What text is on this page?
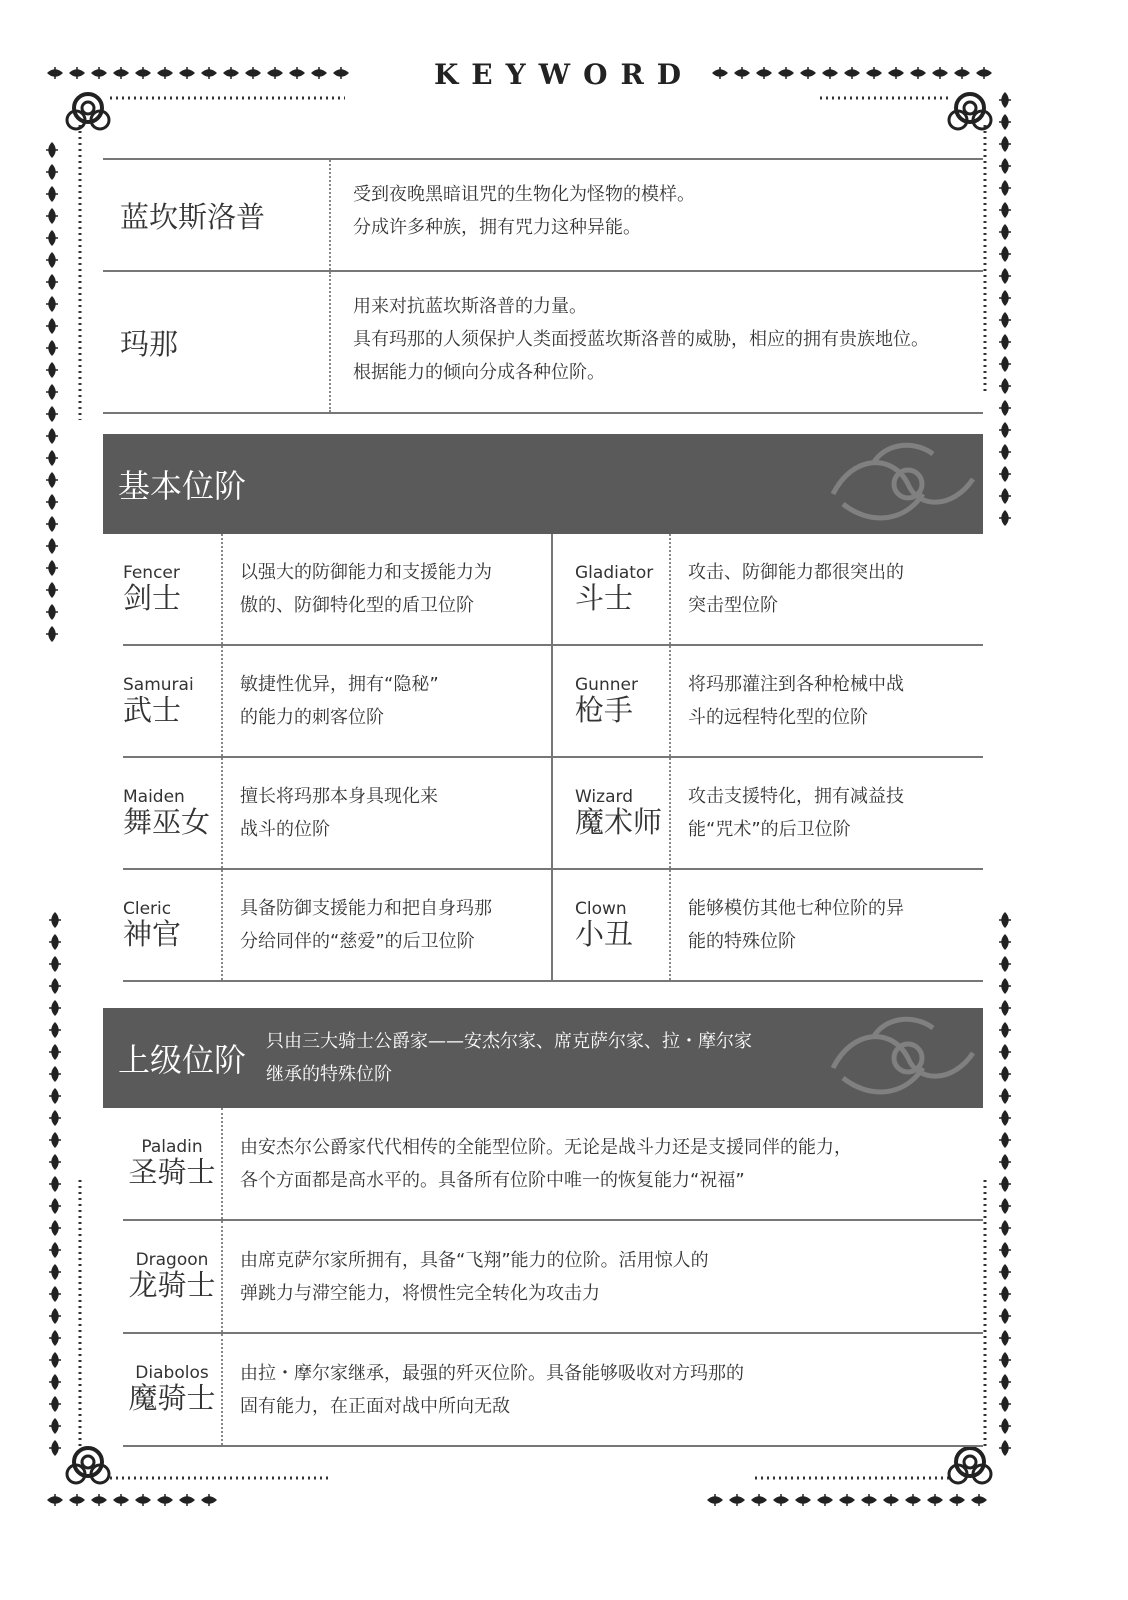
KEYWORD
蓝坎斯洛普
受到夜晚黑暗诅咒的生物化为怪物的模样。
分成许多种族，拥有咒力这种异能。
玛那
用来对抗蓝坎斯洛普的力量。
具有玛那的人须保护人类面授蓝坎斯洛普的威胁，相应的拥有贵族地位。
根据能力的倾向分成各种位阶。
基本位阶
Fencer
剑士
以强大的防御能力和支援能力为
傲的、防御特化型的盾卫位阶
Gladiator
斗士
攻击、防御能力都很突出的
突击型位阶
Samurai
武士
敏捷性优异，拥有“隐秘”
的能力的刺客位阶
Gunner
枪手
将玛那灌注到各种枪械中战
斗的远程特化型的位阶
Maiden
舞巫女
擅长将玛那本身具现化来
战斗的位阶
Wizard
魔术师
攻击支援特化，拥有减益技
能“咒术”的后卫位阶
Cleric
神官
具备防御支援能力和把自身玛那
分给同伴的“慈爱”的后卫位阶
Clown
小丑
能够模仿其他七种位阶的异
能的特殊位阶
上级位阶 只由三大骑士公爵家——安杰尔家、席克萨尔家、拉・摩尔家
继承的特殊位阶
Paladin
圣骑士
由安杰尔公爵家代代相传的全能型位阶。无论是战斗力还是支援同伴的能力，
各个方面都是高水平的。具备所有位阶中唯一的恢复能力“祝福”
Dragoon
龙骑士
由席克萨尔家所拥有，具备“飞翔”能力的位阶。活用惊人的
弹跳力与滞空能力，将惯性完全转化为攻击力
Diabolos
魔骑士
由拉・摩尔家继承，最强的歼灭位阶。具备能够吸收对方玛那的
固有能力，在正面对战中所向无敌
